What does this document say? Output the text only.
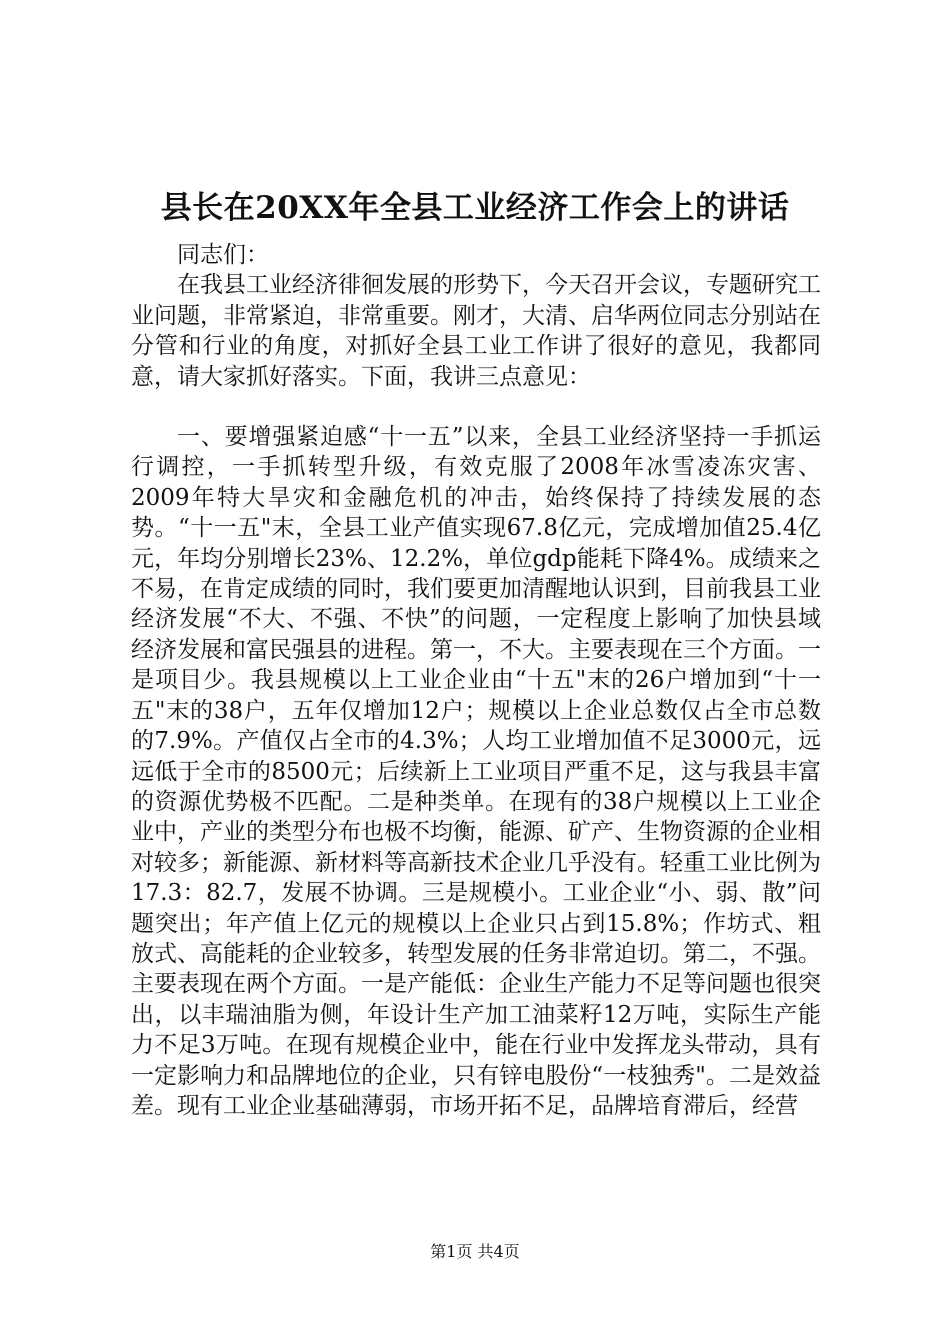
县长在20XX年全县工业经济工作会上的讲话

同志们：

在我县工业经济徘徊发展的形势下，今天召开会议，专题研究工业问题，非常紧迫，非常重要。刚才，大清、启华两位同志分别站在分管和行业的角度，对抓好全县工业工作讲了很好的意见，我都同意，请大家抓好落实。下面，我讲三点意见：

一、要增强紧迫感“十一五”以来，全县工业经济坚持一手抓运行调控，一手抓转型升级，有效克服了2008年冰雪凌冻灾害、2009年特大旱灾和金融危机的冲击，始终保持了持续发展的态势。“十一五"末，全县工业产值实现67.8亿元，完成增加值25.4亿元，年均分别增长23%、12.2%，单位gdp能耗下降4%。成绩来之不易，在肯定成绩的同时，我们要更加清醒地认识到，目前我县工业经济发展“不大、不强、不快”的问题，一定程度上影响了加快县域经济发展和富民强县的进程。第一，不大。主要表现在三个方面。一是项目少。我县规模以上工业企业由“十五"末的26户增加到“十一五"末的38户，五年仅增加12户；规模以上企业总数仅占全市总数的7.9%。产值仅占全市的4.3%；人均工业增加值不足3000元，远远低于全市的8500元；后续新上工业项目严重不足，这与我县丰富的资源优势极不匹配。二是种类单。在现有的38户规模以上工业企业中，产业的类型分布也极不均衡，能源、矿产、生物资源的企业相对较多；新能源、新材料等高新技术企业几乎没有。轻重工业比例为17.3：82.7，发展不协调。三是规模小。工业企业“小、弱、散”问题突出；年产值上亿元的规模以上企业只占到15.8%；作坊式、粗放式、高能耗的企业较多，转型发展的任务非常迫切。第二，不强。主要表现在两个方面。一是产能低：企业生产能力不足等问题也很突出，以丰瑞油脂为侧，年设计生产加工油菜籽12万吨，实际生产能力不足3万吨。在现有规模企业中，能在行业中发挥龙头带动，具有一定影响力和品牌地位的企业，只有锌电股份“一枝独秀"。二是效益差。现有工业企业基础薄弱，市场开拓不足，品牌培育滞后，经营

第1页 共4页
